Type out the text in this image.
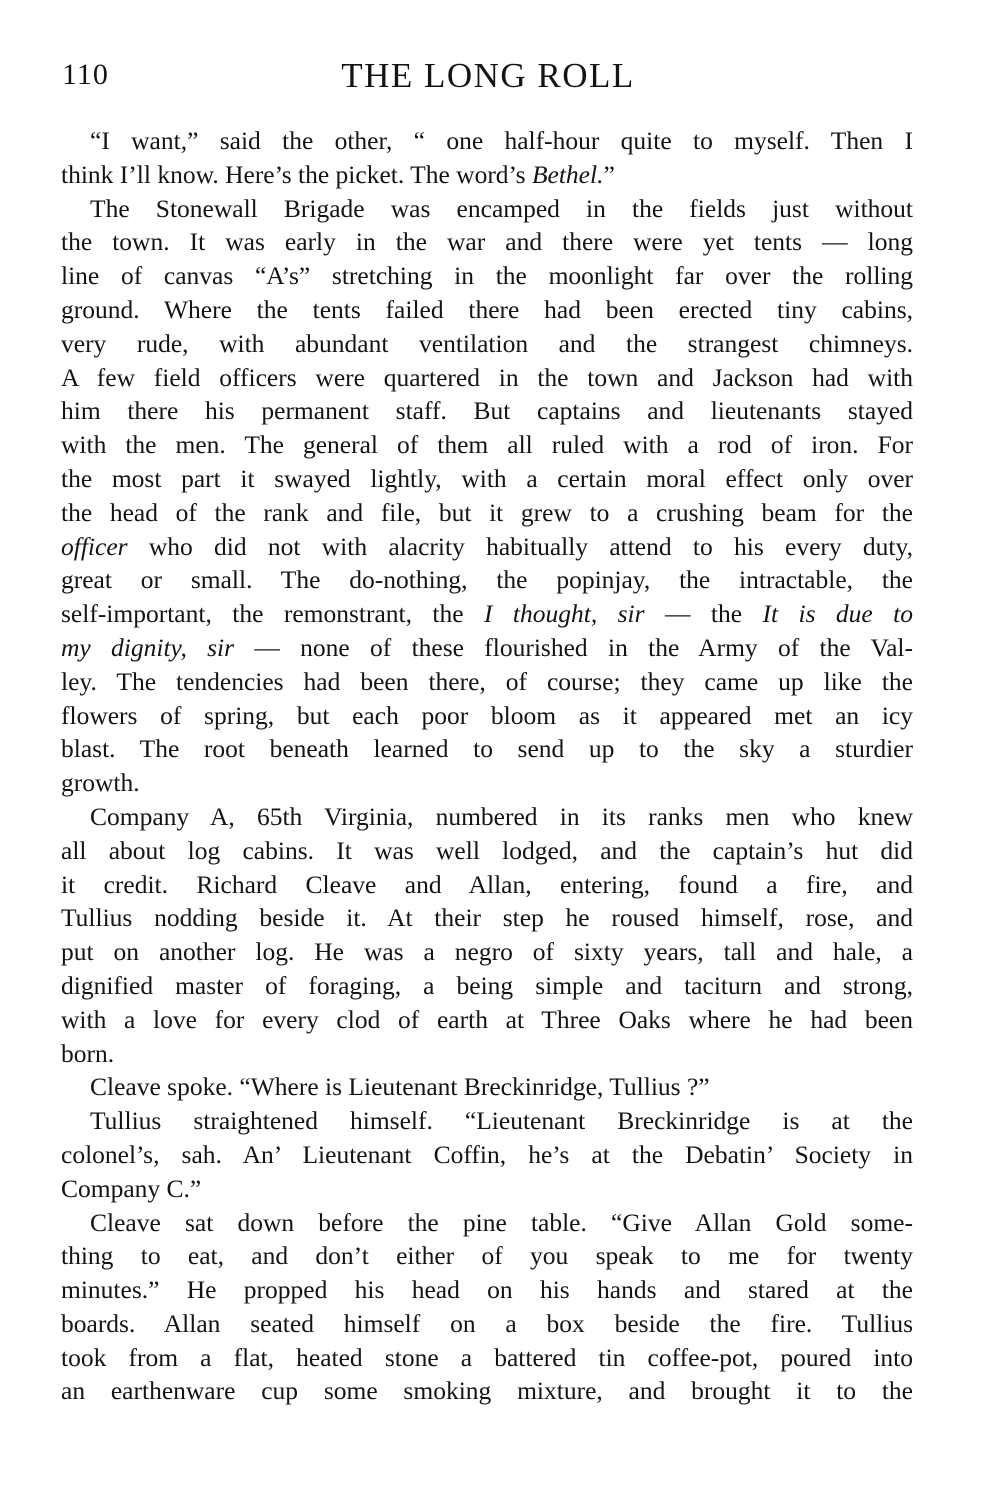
110	THE LONG ROLL
“I want,” said the other, “ one half-hour quite to myself. Then I
think I’ll know. Here’s the picket. The word’s Bethel.”
The Stonewall Brigade was encamped in the fields just without
the town. It was early in the war and there were yet tents — long
line of canvas “A’s” stretching in the moonlight far over the rolling
ground. Where the tents failed there had been erected tiny cabins,
very rude, with abundant ventilation and the strangest chimneys.
A few field officers were quartered in the town and Jackson had with
him there his permanent staff. But captains and lieutenants stayed
with the men. The general of them all ruled with a rod of iron. For
the most part it swayed lightly, with a certain moral effect only over
the head of the rank and file, but it grew to a crushing beam for the
officer who did not with alacrity habitually attend to his every duty,
great or small. The do-nothing, the popinjay, the intractable, the
self-important, the remonstrant, the I thought, sir — the It is due to
my dignity, sir — none of these flourished in the Army of the Val-
ley. The tendencies had been there, of course; they came up like the
flowers of spring, but each poor bloom as it appeared met an icy
blast. The root beneath learned to send up to the sky a sturdier
growth.
Company A, 65th Virginia, numbered in its ranks men who knew
all about log cabins. It was well lodged, and the captain’s hut did
it credit. Richard Cleave and Allan, entering, found a fire, and
Tullius nodding beside it. At their step he roused himself, rose, and
put on another log. He was a negro of sixty years, tall and hale, a
dignified master of foraging, a being simple and taciturn and strong,
with a love for every clod of earth at Three Oaks where he had been
born.
Cleave spoke. “Where is Lieutenant Breckinridge, Tullius ?”
Tullius straightened himself. “Lieutenant Breckinridge is at the
colonel’s, sah. An’ Lieutenant Coffin, he’s at the Debatin’ Society in
Company C.”
Cleave sat down before the pine table. “Give Allan Gold some-
thing to eat, and don’t either of you speak to me for twenty
minutes.” He propped his head on his hands and stared at the
boards. Allan seated himself on a box beside the fire. Tullius
took from a flat, heated stone a battered tin coffee-pot, poured into
an earthenware cup some smoking mixture, and brought it to the
